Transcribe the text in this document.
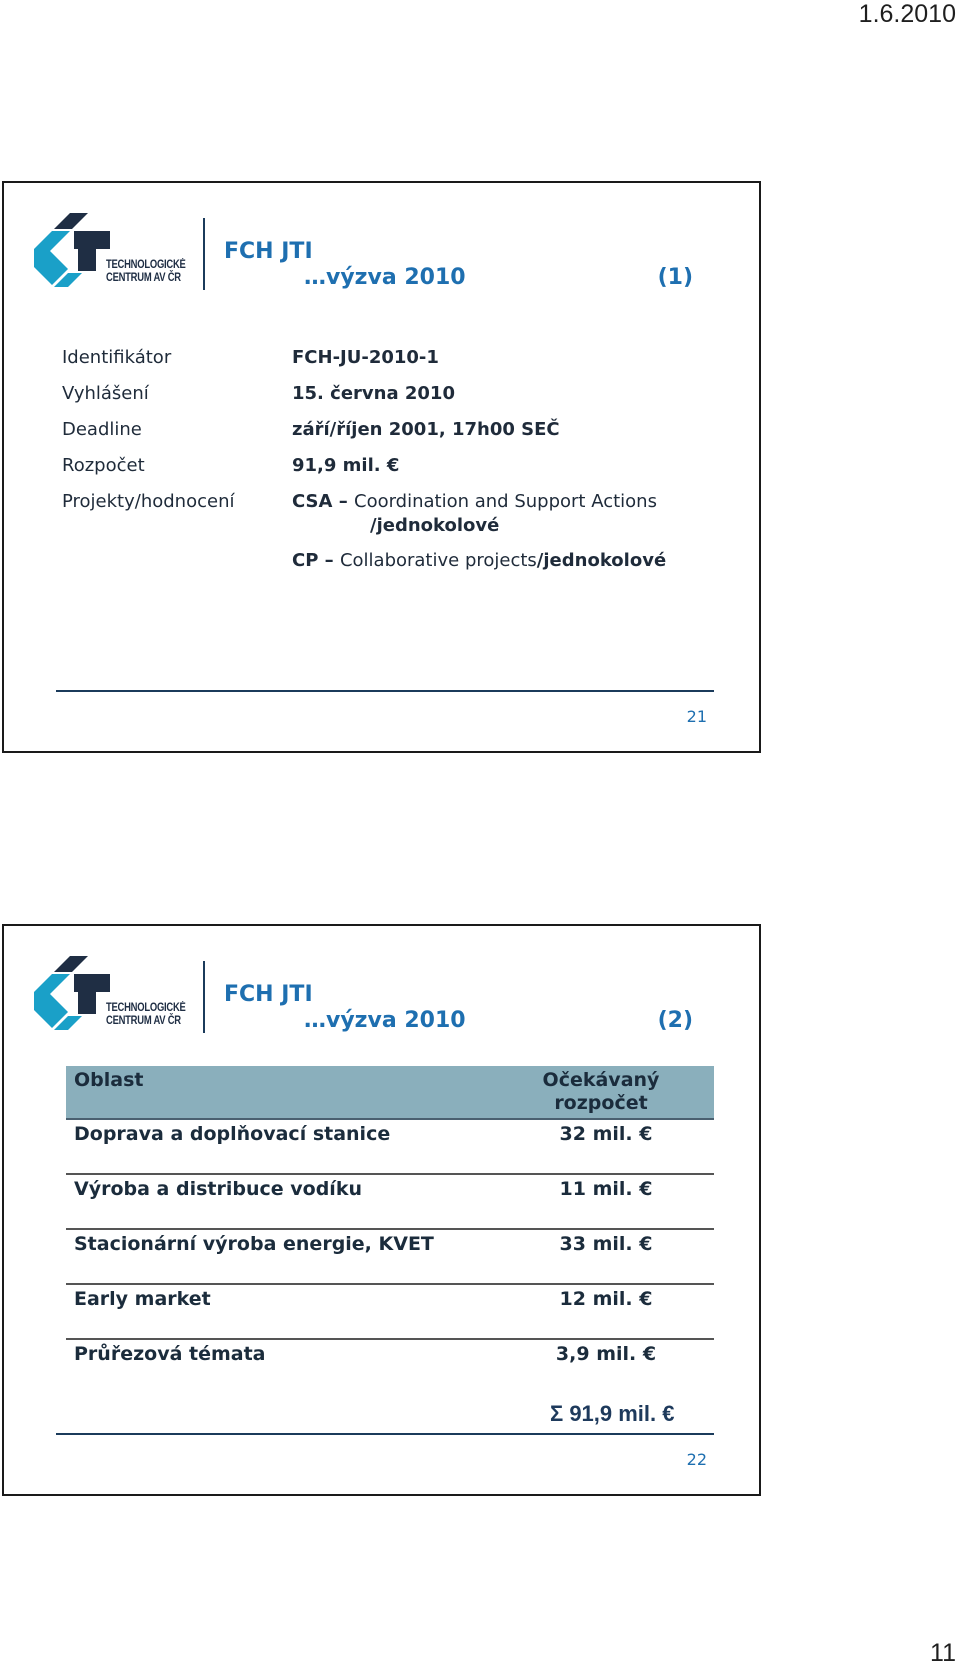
1.6.2010
TECHNOLOGICKÉ
CENTRUM AV ČR
FCH JTI
…výzva 2010	(1)
Identifikátor	FCH-JU-2010-1
Vyhlášení	15. června 2010
Deadline	září/říjen 2001, 17h00 SEČ
Rozpočet	91,9 mil. €
Projekty/hodnocení	CSA – Coordination and Support Actions
/jednokolové
CP – Collaborative projects/jednokolové
21
TECHNOLOGICKÉ
CENTRUM AV ČR
FCH JTI
…výzva 2010	(2)
Oblast	Očekávaný
rozpočet
Doprava a doplňovací stanice	32 mil. €
Výroba a distribuce vodíku	11 mil. €
Stacionární výroba energie, KVET	33 mil. €
Early market	12 mil. €
Průřezová témata	3,9 mil. €
Σ 91,9 mil. €
22
11
